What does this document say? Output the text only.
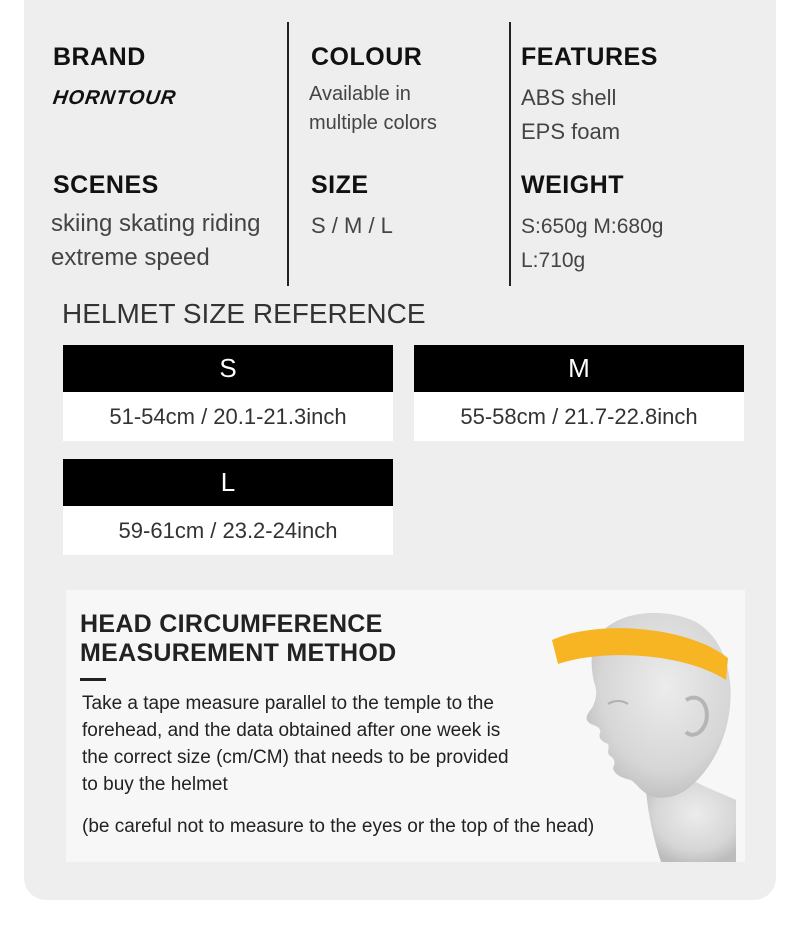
BRAND
HORNTOUR
COLOUR
Available in
multiple colors
FEATURES
ABS shell
EPS foam
SCENES
skiing skating riding
extreme speed
SIZE
S / M / L
WEIGHT
S:650g M:680g
L:710g
HELMET SIZE REFERENCE
S
51-54cm / 20.1-21.3inch
M
55-58cm / 21.7-22.8inch
L
59-61cm / 23.2-24inch
HEAD CIRCUMFERENCE
MEASUREMENT METHOD
Take a tape measure parallel to the temple to the forehead, and the data obtained after one week is the correct size (cm/CM) that needs to be provided to buy the helmet
(be careful not to measure to the eyes or the top of the head)
